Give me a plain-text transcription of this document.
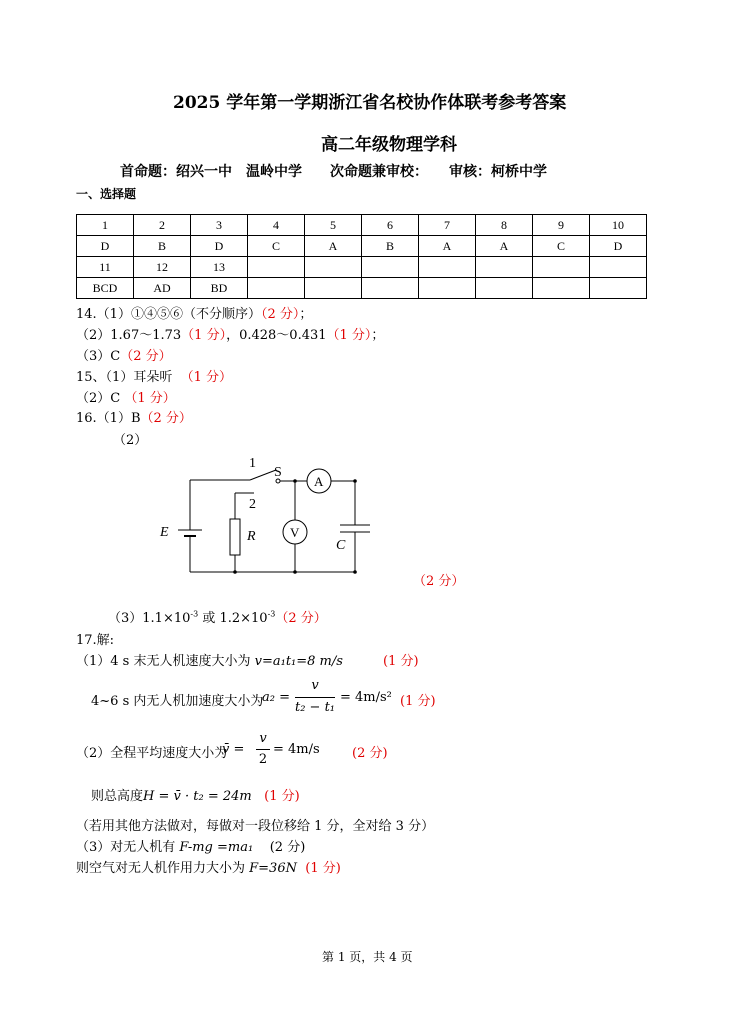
2025 学年第一学期浙江省名校协作体联考参考答案
高二年级物理学科
首命题：绍兴一中　温岭中学　　次命题兼审校：　　审核：柯桥中学
一、选择题
1	2	3	4	5	6	7	8	9	10
D	B	D	C	A	B	A	A	C	D
11	12	13							
BCD	AD	BD							
14.（1）①④⑤⑥（不分顺序）（2 分）；
（2）1.67～1.73（1 分），0.428～0.431（1 分）；
（3）C（2 分）
15、（1）耳朵听 （1 分）
（2）C （1 分）
16.（1）B（2 分）
（2）
1
S
A
2
E	R	V
C
（2 分）
$(3)1.1\times 10^{-3}$ 或 $1.2\times 10^{-3}(2$ 分）
17.解:
（1）4 s 末无人机速度大小为 v=a₁t₁=8 m/s	(1 分)
4~6 s 内无人机加速度大小为
a₂ =
v
t₂ − t₁
= 4m/s² (1 分)
（2）全程平均速度大小为
v̄ =
v
2
= 4m/s (2 分)
则总高度H = v̄ · t₂ = 24m (1 分)
（若用其他方法做对，每做对一段位移给 1 分，全对给 3 分）
（3）对无人机有 F-mg =ma₁ (2 分)
则空气对无人机作用力大小为 F=36N (1 分)
第 1 页，共 4 页
